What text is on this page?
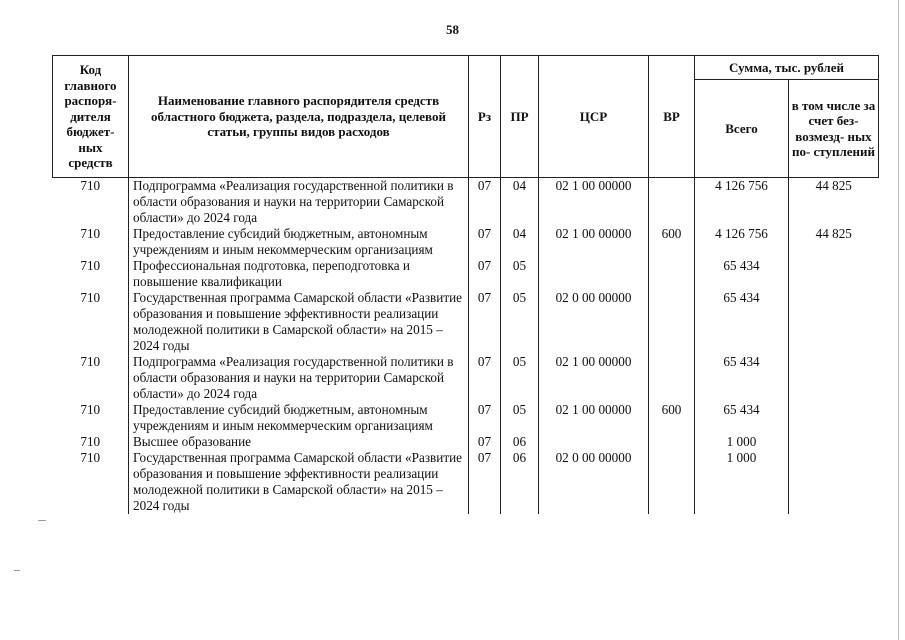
58
Код главного распоря- дителя бюджет- ных средств	Наименование главного распорядителя средств областного бюджета, раздела, подраздела, целевой статьи, группы видов расходов	Рз	ПР	ЦСР	ВР	Сумма, тыс. рублей	
						Всего	в том числе за счет без- возмезд- ных по- ступлений
710	Подпрограмма «Реализация государственной политики в области образования и науки на территории Самарской области» до 2024 года	07	04	02 1 00 00000		4 126 756	44 825
710	Предоставление субсидий бюджетным, автономным учреждениям и иным некоммерческим организациям	07	04	02 1 00 00000	600	4 126 756	44 825
710	Профессиональная подготовка, переподготовка и повышение квалификации	07	05			65 434	
710	Государственная программа Самарской области «Развитие образования и повышение эффективности реализации молодежной политики в Самарской области» на 2015 – 2024 годы	07	05	02 0 00 00000		65 434	
710	Подпрограмма «Реализация государственной политики в области образования и науки на территории Самарской области» до 2024 года	07	05	02 1 00 00000		65 434	
710	Предоставление субсидий бюджетным, автономным учреждениям и иным некоммерческим организациям	07	05	02 1 00 00000	600	65 434	
710	Высшее образование	07	06			1 000	
710	Государственная программа Самарской области «Развитие образования и повышение эффективности реализации молодежной политики в Самарской области» на 2015 – 2024 годы	07	06	02 0 00 00000		1 000	
